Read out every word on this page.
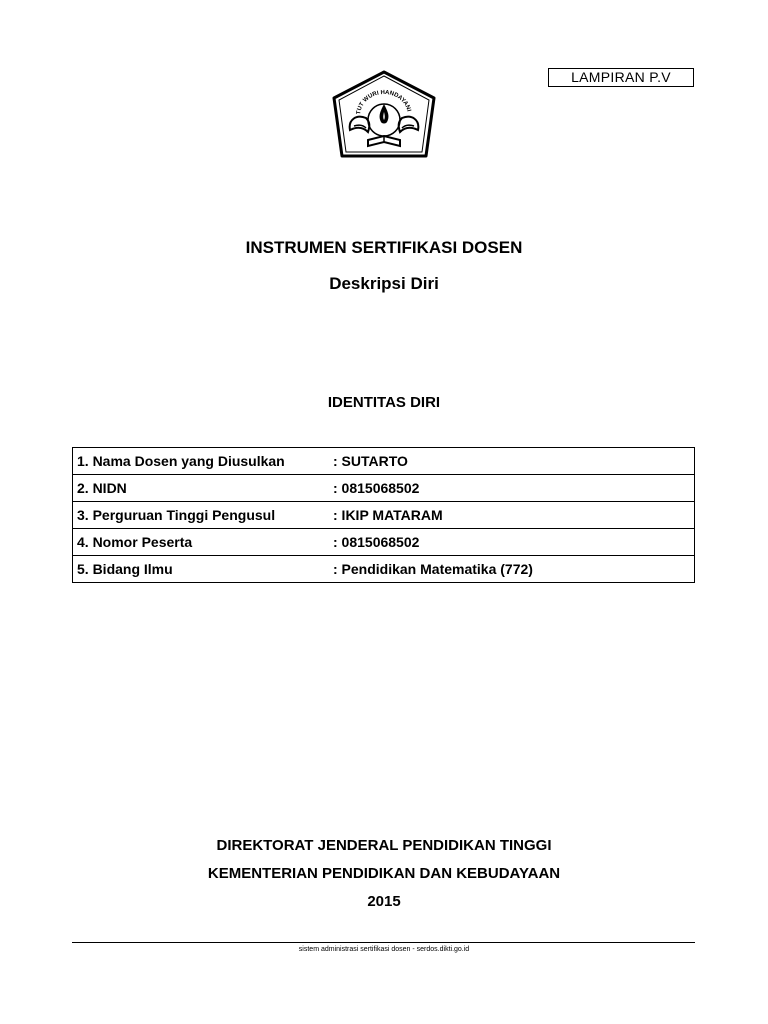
LAMPIRAN P.V
TUT WURI HANDAYANI
INSTRUMEN SERTIFIKASI DOSEN
Deskripsi Diri
IDENTITAS DIRI
1. Nama Dosen yang Diusulkan	: SUTARTO
2. NIDN	: 0815068502
3. Perguruan Tinggi Pengusul	: IKIP MATARAM
4. Nomor Peserta	: 0815068502
5. Bidang Ilmu	: Pendidikan Matematika (772)
DIREKTORAT JENDERAL PENDIDIKAN TINGGI
KEMENTERIAN PENDIDIKAN DAN KEBUDAYAAN
2015
sistem administrasi sertifikasi dosen - serdos.dikti.go.id
